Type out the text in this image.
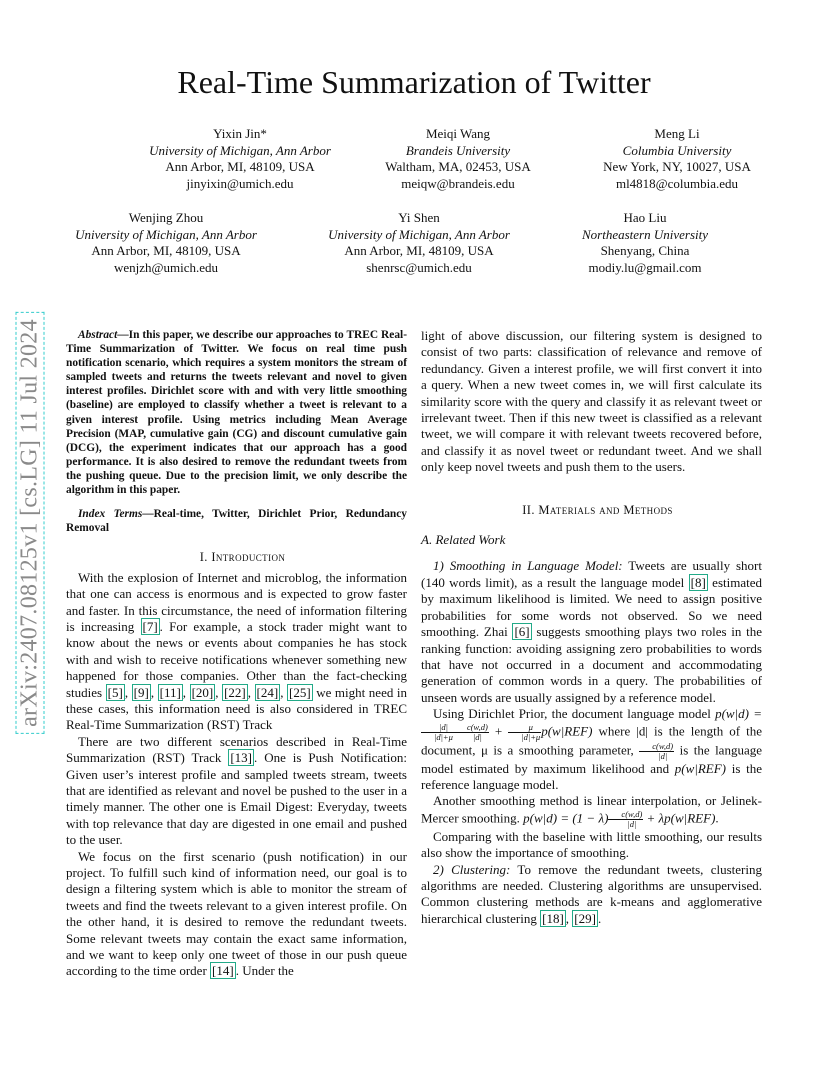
arXiv:2407.08125v1 [cs.LG] 11 Jul 2024
Real-Time Summarization of Twitter
Yixin Jin*
University of Michigan, Ann Arbor
Ann Arbor, MI, 48109, USA
jinyixin@umich.edu
Meiqi Wang
Brandeis University
Waltham, MA, 02453, USA
meiqw@brandeis.edu
Meng Li
Columbia University
New York, NY, 10027, USA
ml4818@columbia.edu
Wenjing Zhou
University of Michigan, Ann Arbor
Ann Arbor, MI, 48109, USA
wenjzh@umich.edu
Yi Shen
University of Michigan, Ann Arbor
Ann Arbor, MI, 48109, USA
shenrsc@umich.edu
Hao Liu
Northeastern University
Shenyang, China
modiy.lu@gmail.com

Abstract—In this paper, we describe our approaches to TREC Real-Time Summarization of Twitter. We focus on real time push notification scenario, which requires a system monitors the stream of sampled tweets and returns the tweets relevant and novel to given interest profiles. Dirichlet score with and with very little smoothing (baseline) are employed to classify whether a tweet is relevant to a given interest profile. Using metrics including Mean Average Precision (MAP, cumulative gain (CG) and discount cumulative gain (DCG), the experiment indicates that our approach has a good performance. It is also desired to remove the redundant tweets from the pushing queue. Due to the precision limit, we only describe the algorithm in this paper.

Index Terms—Real-time, Twitter, Dirichlet Prior, Redundancy Removal

I. Introduction

With the explosion of Internet and microblog, the information that one can access is enormous and is expected to grow faster and faster. In this circumstance, the need of information filtering is increasing [7] . For example, a stock trader might want to know about the news or events about companies he has stock with and wish to receive notifications whenever something new happened for those companies. Other than the fact-checking studies [5] , [9] , [11] , [20] , [22] , [24] , [25] we might need in these cases, this information need is also considered in TREC Real-Time Summarization (RST) Track

There are two different scenarios described in Real-Time Summarization (RST) Track [13] . One is Push Notification: Given user’s interest profile and sampled tweets stream, tweets that are identified as relevant and novel be pushed to the user in a timely manner. The other one is Email Digest: Everyday, tweets with top relevance that day are digested in one email and pushed to the user.

We focus on the first scenario (push notification) in our project. To fulfill such kind of information need, our goal is to design a filtering system which is able to monitor the stream of tweets and find the tweets relevant to a given interest profile. On the other hand, it is desired to remove the redundant tweets. Some relevant tweets may contain the exact same information, and we want to keep only one tweet of those in our push queue according to the time order [14] . Under the

light of above discussion, our filtering system is designed to consist of two parts: classification of relevance and remove of redundancy. Given a interest profile, we will first convert it into a query. When a new tweet comes in, we will first calculate its similarity score with the query and classify it as relevant tweet or irrelevant tweet. Then if this new tweet is classified as a relevant tweet, we will compare it with relevant tweets recovered before, and classify it as novel tweet or redundant tweet. And we shall only keep novel tweets and push them to the users.

II. Materials and Methods

A. Related Work

1) Smoothing in Language Model: Tweets are usually short (140 words limit), as a result the language model [8] estimated by maximum likelihood is limited. We need to assign positive probabilities for some words not observed. So we need smoothing. Zhai [6] suggests smoothing plays two roles in the ranking function: avoiding assigning zero probabilities to words that have not occurred in a document and accommodating generation of common words in a query. The probabilities of unseen words are usually assigned by a reference model.

Using Dirichlet Prior, the document language model p(w|d) =
$\frac{|d|}{|d|+\mu} \frac{c(w,d)}{|d|} + \frac{\mu}{|d|+\mu} p(w|REF)$ where |d| is the length of the document, μ is a smoothing parameter, $\frac{c(w,d)}{|d|}$ is the language model estimated by maximum likelihood and p(w|REF) is the reference language model.

Another smoothing method is linear interpolation, or Jelinek-Mercer smoothing. $p(w|d) = (1 - \lambda) \frac{c(w,d)}{|d|} + \lambda p(w|REF)$.

Comparing with the baseline with little smoothing, our results also show the importance of smoothing.

2) Clustering: To remove the redundant tweets, clustering algorithms are needed. Clustering algorithms are unsupervised. Common clustering methods are k-means and agglomerative hierarchical clustering [18] , [29] .
